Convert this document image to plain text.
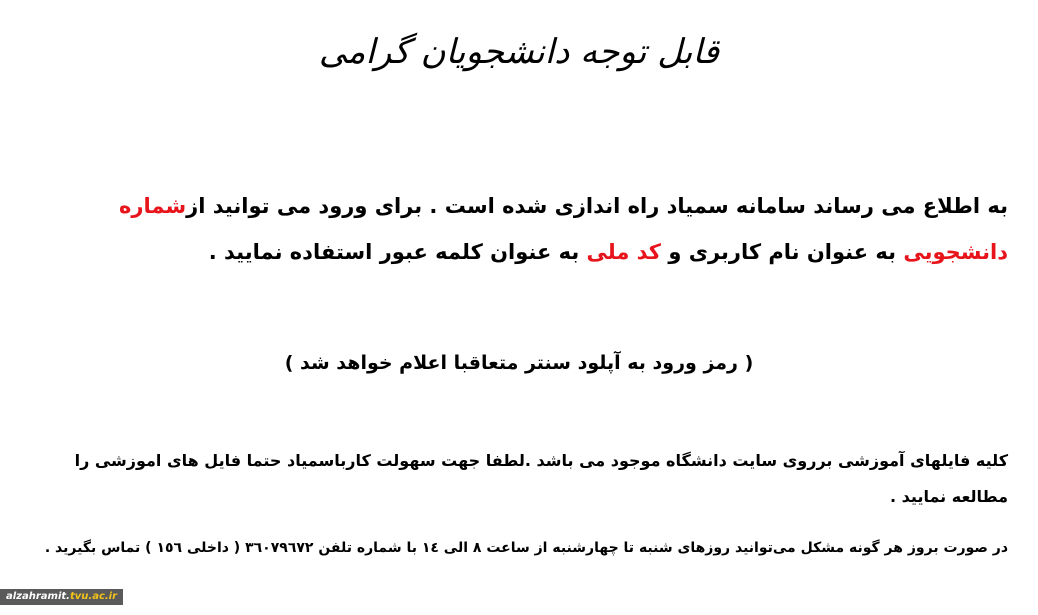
قابل توجه دانشجویان گرامی
به اطلاع می رساند سامانه سمیاد راه اندازی شده است . برای ورود می توانید ازشماره دانشجویی به عنوان نام کاربری و کد ملی به عنوان کلمه عبور استفاده نمایید .
( رمز ورود به آپلود سنتر متعاقبا اعلام خواهد شد )
کلیه فایلهای آموزشی برروی سایت دانشگاه موجود می باشد .لطفا جهت سهولت کارباسمیاد حتما فایل های اموزشی را مطالعه نمایید .
در صورت بروز هر گونه مشکل می‌توانید روزهای شنبه تا چهارشنبه از ساعت ۸ الی ۱٤ با شماره تلفن ۳٦۰۷۹٦۷۲ ( داخلی ۱٥٦ ) تماس بگیرید .
alzahramit.tvu.ac.ir
